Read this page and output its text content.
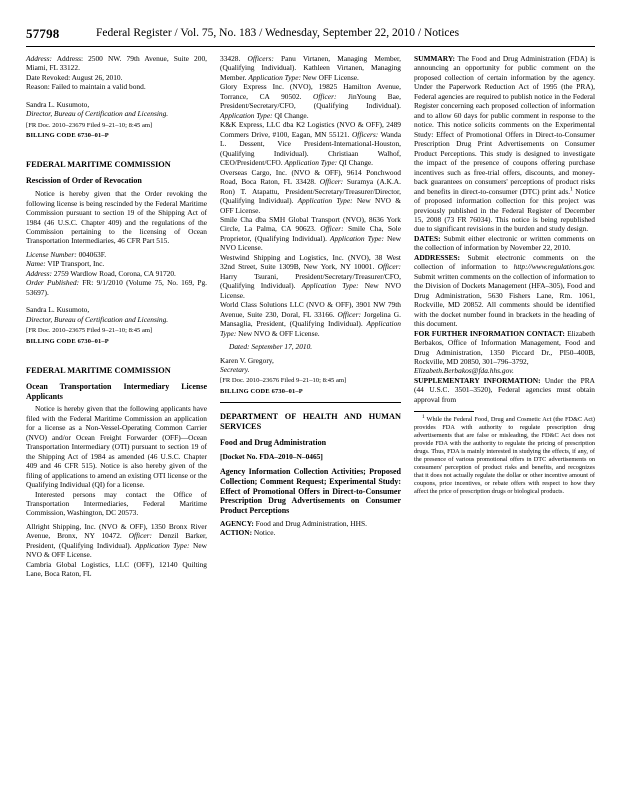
57798	Federal Register / Vol. 75, No. 183 / Wednesday, September 22, 2010 / Notices

Address: Address: 2500 NW. 79th Avenue, Suite 200, Miami, FL 33122.

Date Revoked: August 26, 2010.

Reason: Failed to maintain a valid bond.

Sandra L. Kusumoto,

Director, Bureau of Certification and Licensing.

[FR Doc. 2010–23679 Filed 9–21–10; 8:45 am]

BILLING CODE 6730–01–P

FEDERAL MARITIME COMMISSION

Rescission of Order of Revocation

Notice is hereby given that the Order revoking the following license is being rescinded by the Federal Maritime Commission pursuant to section 19 of the Shipping Act of 1984 (46 U.S.C. Chapter 409) and the regulations of the Commission pertaining to the licensing of Ocean Transportation Intermediaries, 46 CFR Part 515.

License Number: 004063F.

Name: VIP Transport, Inc.

Address: 2759 Wardlow Road, Corona, CA 91720.

Order Published: FR: 9/1/2010 (Volume 75, No. 169, Pg. 53697).

Sandra L. Kusumoto,

Director, Bureau of Certification and Licensing.

[FR Doc. 2010–23675 Filed 9–21–10; 8:45 am]

BILLING CODE 6730–01–P

FEDERAL MARITIME COMMISSION

Ocean Transportation Intermediary License Applicants

Notice is hereby given that the following applicants have filed with the Federal Maritime Commission an application for a license as a Non-Vessel-Operating Common Carrier (NVO) and/or Ocean Freight Forwarder (OFF)—Ocean Transportation Intermediary (OTI) pursuant to section 19 of the Shipping Act of 1984 as amended (46 U.S.C. Chapter 409 and 46 CFR 515). Notice is also hereby given of the filing of applications to amend an existing OTI license or the Qualifying Individual (QI) for a license.

Interested persons may contact the Office of Transportation Intermediaries, Federal Maritime Commission, Washington, DC 20573.

Allright Shipping, Inc. (NVO & OFF), 1350 Bronx River Avenue, Bronx, NY 10472. Officer: Denzil Barker, President, (Qualifying Individual). Application Type: New NVO & OFF License.

Cambria Global Logistics, LLC (OFF), 12140 Quilting Lane, Boca Raton, FL

33428. Officers: Panu Virtanen, Managing Member, (Qualifying Individual). Kathleen Virtanen, Managing Member. Application Type: New OFF License.

Glory Express Inc. (NVO), 19825 Hamilton Avenue, Torrance, CA 90502. Officer: JinYoung Bae, President/Secretary/CFO, (Qualifying Individual). Application Type: QI Change.

K&K Express, LLC dba K2 Logistics (NVO & OFF), 2489 Commers Drive, #100, Eagan, MN 55121. Officers: Wanda L. Dessent, Vice President-International-Houston, (Qualifying Individual). Christiaan Walhof, CEO/President/CFO. Application Type: QI Change.

Overseas Cargo, Inc. (NVO & OFF), 9614 Ponchwood Road, Boca Raton, FL 33428. Officer: Suramya (A.K.A. Ron) T. Atapattu, President/Secretary/Treasurer/Director, (Qualifying Individual). Application Type: New NVO & OFF License.

Smile Cha dba SMH Global Transport (NVO), 8636 York Circle, La Palma, CA 90623. Officer: Smile Cha, Sole Proprietor, (Qualifying Individual). Application Type: New NVO License.

Westwind Shipping and Logistics, Inc. (NVO), 38 West 32nd Street, Suite 1309B, New York, NY 10001. Officer: Harry Tsurani, President/Secretary/Treasurer/CFO, (Qualifying Individual). Application Type: New NVO License.

World Class Solutions LLC (NVO & OFF), 3901 NW 79th Avenue, Suite 230, Doral, FL 33166. Officer: Jorgelina G. Mansaglia, President, (Qualifying Individual). Application Type: New NVO & OFF License.

Dated: September 17, 2010.

Karen V. Gregory,

Secretary.

[FR Doc. 2010–23676 Filed 9–21–10; 8:45 am]

BILLING CODE 6730–01–P

DEPARTMENT OF HEALTH AND HUMAN SERVICES

Food and Drug Administration

[Docket No. FDA–2010–N–0465]

Agency Information Collection Activities; Proposed Collection; Comment Request; Experimental Study: Effect of Promotional Offers in Direct-to-Consumer Prescription Drug Advertisements on Consumer Product Perceptions

AGENCY: Food and Drug Administration, HHS.

ACTION: Notice.

SUMMARY: The Food and Drug Administration (FDA) is announcing an opportunity for public comment on the proposed collection of certain information by the agency. Under the Paperwork Reduction Act of 1995 (the PRA), Federal agencies are required to publish notice in the Federal Register concerning each proposed collection of information and to allow 60 days for public comment in response to the notice. This notice solicits comments on the Experimental Study: Effect of Promotional Offers in Direct-to-Consumer Prescription Drug Print Advertisements on Consumer Product Perceptions. This study is designed to investigate the impact of the presence of coupons offering purchase incentives such as free-trial offers, discounts, and money-back guarantees on consumers' perceptions of product risks and benefits in direct-to-consumer (DTC) print ads.$^1$ Notice of proposed information collection for this project was previously published in the Federal Register of December 15, 2008 (73 FR 76034). This notice is being republished due to significant revisions in the burden and study design.

DATES: Submit either electronic or written comments on the collection of information by November 22, 2010.

ADDRESSES: Submit electronic comments on the collection of information to http://www.regulations.gov. Submit written comments on the collection of information to the Division of Dockets Management (HFA–305), Food and Drug Administration, 5630 Fishers Lane, Rm. 1061, Rockville, MD 20852. All comments should be identified with the docket number found in brackets in the heading of this document.

FOR FURTHER INFORMATION CONTACT: Elizabeth Berbakos, Office of Information Management, Food and Drug Administration, 1350 Piccard Dr., PI50–400B, Rockville, MD 20850, 301–796–3792,
Elizabeth.Berbakos@fda.hhs.gov.

SUPPLEMENTARY INFORMATION: Under the PRA (44 U.S.C. 3501–3520), Federal agencies must obtain approval from

$^1$ While the Federal Food, Drug and Cosmetic Act (the FD&C Act) provides FDA with authority to regulate prescription drug advertisements that are false or misleading, the FD&C Act does not provide FDA with the authority to regulate the pricing of prescription drugs. Thus, FDA is mainly interested in studying the effects, if any, of the presence of various promotional offers in DTC advertisements on consumers' perception of product risks and benefits, and recognizes that it does not actually regulate the dollar or other incentive amount of coupons, price incentives, or rebate offers with respect to how they affect the price of prescription drugs or biological products.
